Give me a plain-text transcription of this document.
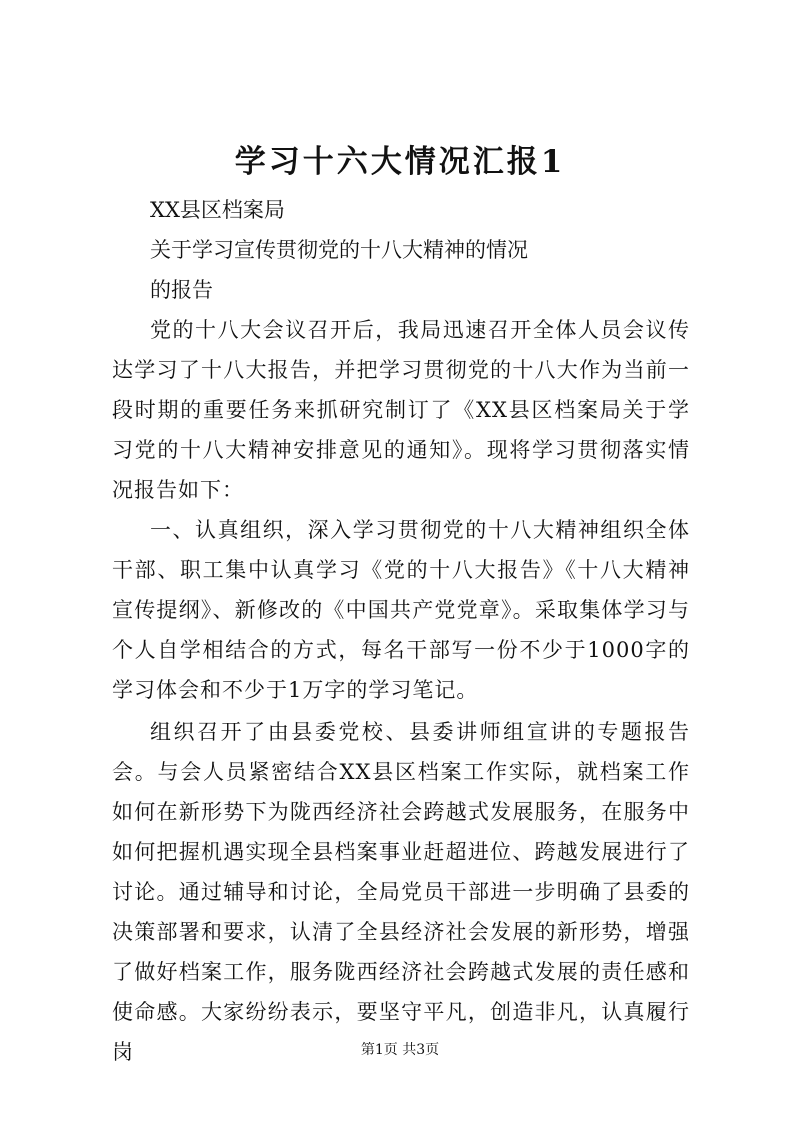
学习十六大情况汇报1

XX县区档案局

关于学习宣传贯彻党的十八大精神的情况

的报告

党的十八大会议召开后，我局迅速召开全体人员会议传达学习了十八大报告，并把学习贯彻党的十八大作为当前一段时期的重要任务来抓研究制订了《XX县区档案局关于学习党的十八大精神安排意见的通知》。现将学习贯彻落实情况报告如下：

一、认真组织，深入学习贯彻党的十八大精神组织全体干部、职工集中认真学习《党的十八大报告》《十八大精神宣传提纲》、新修改的《中国共产党党章》。采取集体学习与个人自学相结合的方式，每名干部写一份不少于1000字的学习体会和不少于1万字的学习笔记。

组织召开了由县委党校、县委讲师组宣讲的专题报告会。与会人员紧密结合XX县区档案工作实际，就档案工作如何在新形势下为陇西经济社会跨越式发展服务，在服务中如何把握机遇实现全县档案事业赶超进位、跨越发展进行了讨论。通过辅导和讨论，全局党员干部进一步明确了县委的决策部署和要求，认清了全县经济社会发展的新形势，增强了做好档案工作，服务陇西经济社会跨越式发展的责任感和使命感。大家纷纷表示，要坚守平凡，创造非凡，认真履行岗	第1页 共3页
